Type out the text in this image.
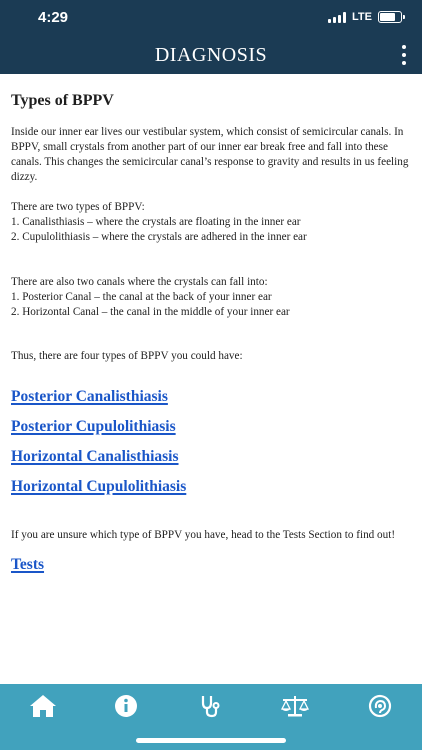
4:29	LTE
DIAGNOSIS
Types of BPPV

Inside our inner ear lives our vestibular system, which consist of semicircular canals. In BPPV, small crystals from another part of our inner ear break free and fall into these canals. This changes the semicircular canal’s response to gravity and results in us feeling dizzy.

There are two types of BPPV:

1. Canalisthiasis – where the crystals are floating in the inner ear

2. Cupulolithiasis – where the crystals are adhered in the inner ear

There are also two canals where the crystals can fall into:

1. Posterior Canal – the canal at the back of your inner ear

2. Horizontal Canal – the canal in the middle of your inner ear

Thus, there are four types of BPPV you could have:

Posterior Canalisthiasis
Posterior Cupulolithiasis
Horizontal Canalisthiasis
Horizontal Cupulolithiasis

If you are unsure which type of BPPV you have, head to the Tests Section to find out!

Tests
